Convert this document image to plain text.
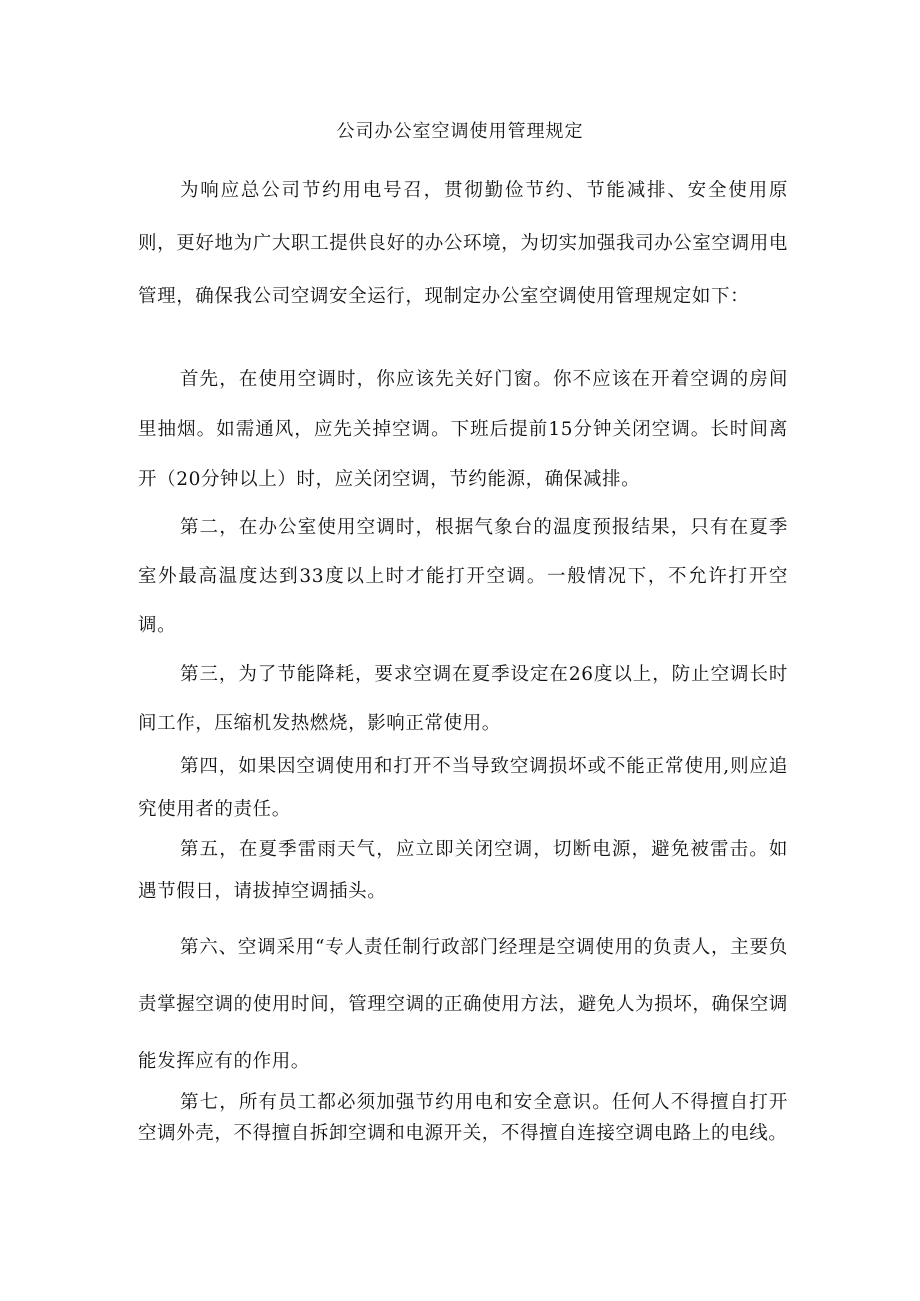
公司办公室空调使用管理规定

为响应总公司节约用电号召，贯彻勤俭节约、节能减排、安全使用原则，更好地为广大职工提供良好的办公环境，为切实加强我司办公室空调用电管理，确保我公司空调安全运行，现制定办公室空调使用管理规定如下：

首先，在使用空调时，你应该先关好门窗。你不应该在开着空调的房间里抽烟。如需通风，应先关掉空调。下班后提前15分钟关闭空调。长时间离开（20分钟以上）时，应关闭空调，节约能源，确保减排。

第二，在办公室使用空调时，根据气象台的温度预报结果，只有在夏季室外最高温度达到33度以上时才能打开空调。一般情况下，不允许打开空调。

第三，为了节能降耗，要求空调在夏季设定在26度以上，防止空调长时间工作，压缩机发热燃烧，影响正常使用。

第四，如果因空调使用和打开不当导致空调损坏或不能正常使用,则应追究使用者的责任。

第五，在夏季雷雨天气，应立即关闭空调，切断电源，避免被雷击。如遇节假日，请拔掉空调插头。

第六、空调采用“专人责任制行政部门经理是空调使用的负责人，主要负责掌握空调的使用时间，管理空调的正确使用方法，避免人为损坏，确保空调能发挥应有的作用。

第七，所有员工都必须加强节约用电和安全意识。任何人不得擅自打开空调外壳，不得擅自拆卸空调和电源开关，不得擅自连接空调电路上的电线。
